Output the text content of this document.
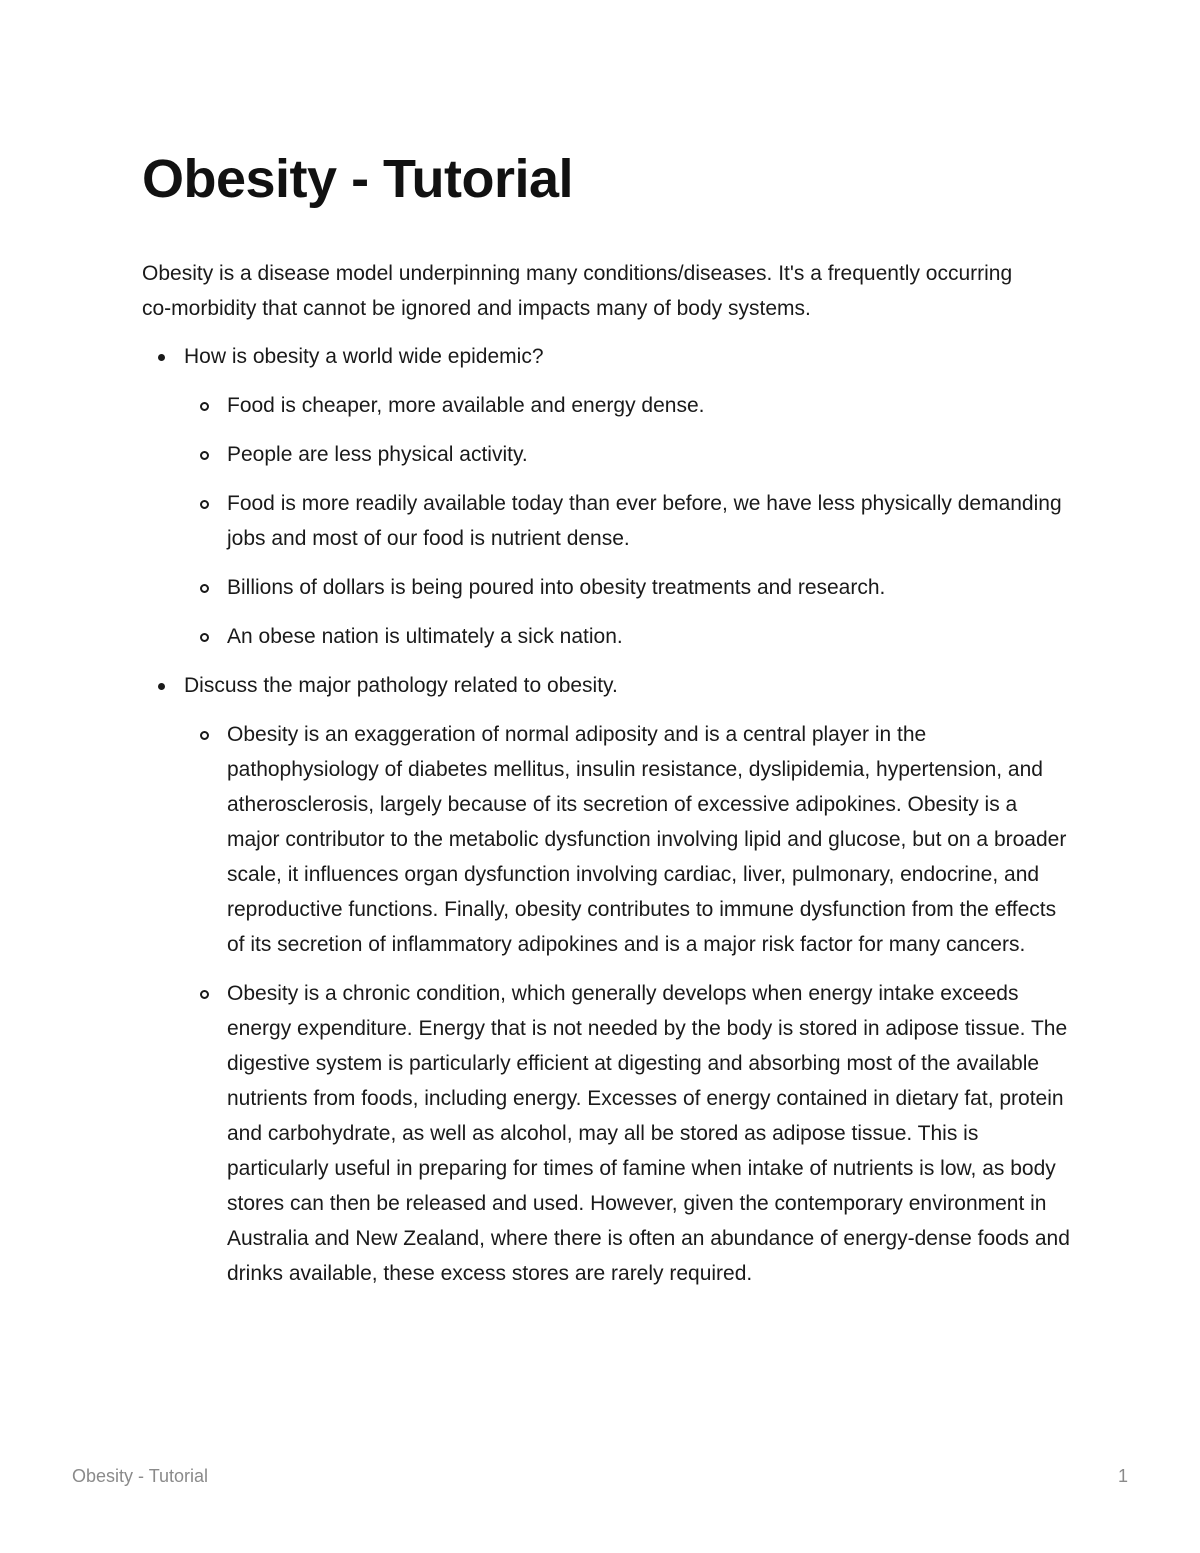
Obesity - Tutorial

Obesity is a disease model underpinning many conditions/diseases. It's a frequently occurring co-morbidity that cannot be ignored and impacts many of body systems.

How is obesity a world wide epidemic?
Food is cheaper, more available and energy dense.
People are less physical activity.
Food is more readily available today than ever before, we have less physically demanding jobs and most of our food is nutrient dense.
Billions of dollars is being poured into obesity treatments and research.
An obese nation is ultimately a sick nation.
Discuss the major pathology related to obesity.
Obesity is an exaggeration of normal adiposity and is a central player in the pathophysiology of diabetes mellitus, insulin resistance, dyslipidemia, hypertension, and atherosclerosis, largely because of its secretion of excessive adipokines. Obesity is a major contributor to the metabolic dysfunction involving lipid and glucose, but on a broader scale, it influences organ dysfunction involving cardiac, liver, pulmonary, endocrine, and reproductive functions. Finally, obesity contributes to immune dysfunction from the effects of its secretion of inflammatory adipokines and is a major risk factor for many cancers.
Obesity is a chronic condition, which generally develops when energy intake exceeds energy expenditure. Energy that is not needed by the body is stored in adipose tissue. The digestive system is particularly efficient at digesting and absorbing most of the available nutrients from foods, including energy. Excesses of energy contained in dietary fat, protein and carbohydrate, as well as alcohol, may all be stored as adipose tissue. This is particularly useful in preparing for times of famine when intake of nutrients is low, as body stores can then be released and used. However, given the contemporary environment in Australia and New Zealand, where there is often an abundance of energy-dense foods and drinks available, these excess stores are rarely required.
Obesity - Tutorial	1
